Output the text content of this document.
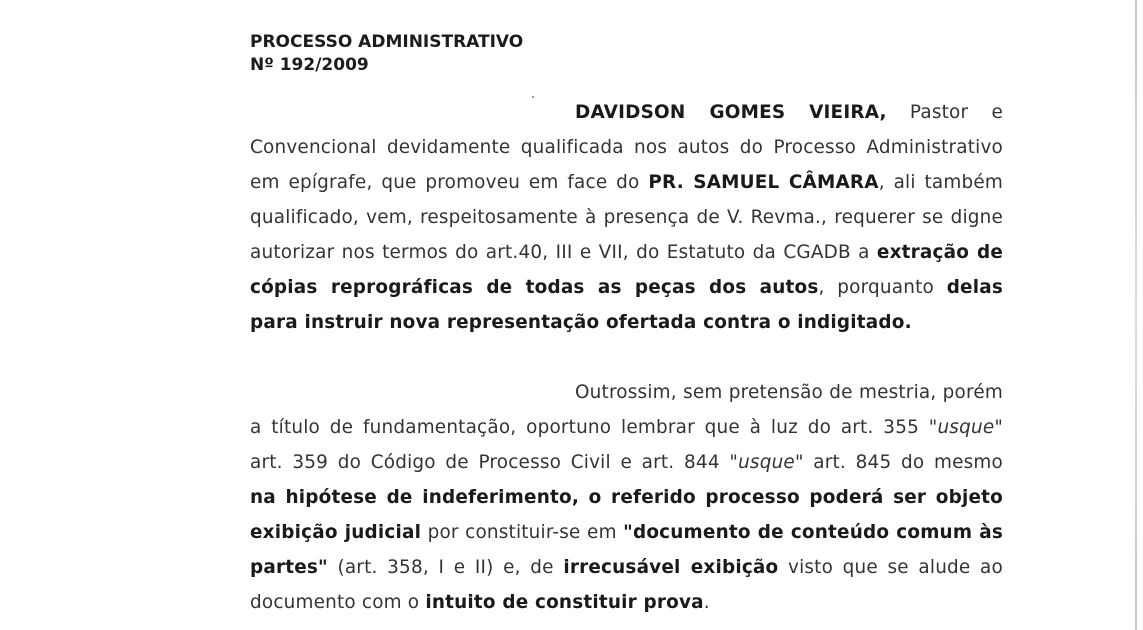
PROCESSO ADMINISTRATIVO
Nº 192/2009
DAVIDSON GOMES VIEIRA, Pastor e
Convencional devidamente qualificada nos autos do Processo Administrativo
em epígrafe, que promoveu em face do PR. SAMUEL CÂMARA, ali também
qualificado, vem, respeitosamente à presença de V. Revma., requerer se digne
autorizar nos termos do art.40, III e VII, do Estatuto da CGADB a extração de
cópias reprográficas de todas as peças dos autos, porquanto delas
para instruir nova representação ofertada contra o indigitado.
Outrossim, sem pretensão de mestria, porém
a título de fundamentação, oportuno lembrar que à luz do art. 355 "usque"
art. 359 do Código de Processo Civil e art. 844 "usque" art. 845 do mesmo
na hipótese de indeferimento, o referido processo poderá ser objeto
exibição judicial por constituir-se em "documento de conteúdo comum às
partes" (art. 358, I e II) e, de irrecusável exibição visto que se alude ao
documento com o intuito de constituir prova.
